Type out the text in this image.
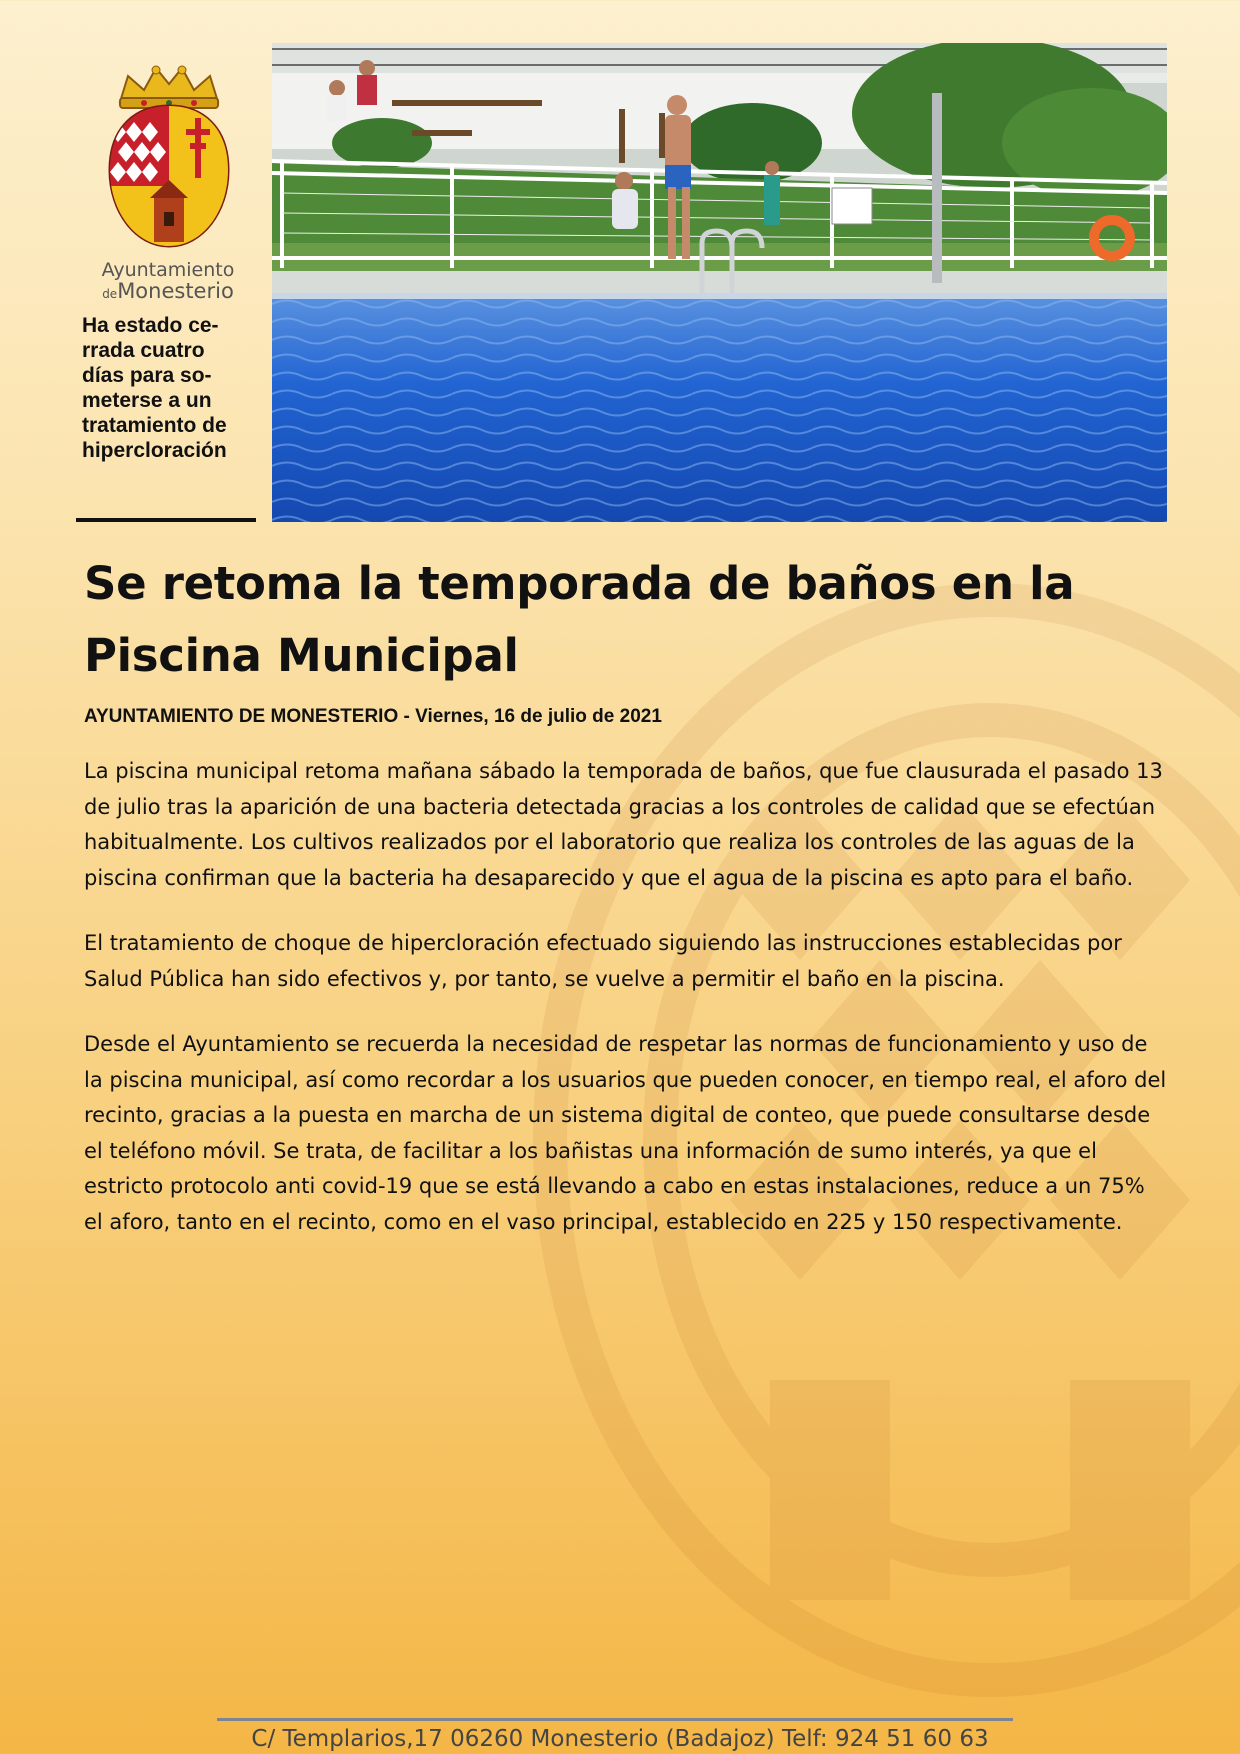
Ayuntamiento
deMonesterio

Ha estado ce-
rrada cuatro
días para so-
meterse a un
tratamiento de
hipercloración

Se retoma la temporada de baños en la Piscina Municipal

AYUNTAMIENTO DE MONESTERIO - Viernes, 16 de julio de 2021

La piscina municipal retoma mañana sábado la temporada de baños, que fue clausurada el pasado 13 de julio tras la aparición de una bacteria detectada gracias a los controles de calidad que se efectúan habitualmente. Los cultivos realizados por el laboratorio que realiza los controles de las aguas de la piscina confirman que la bacteria ha desaparecido y que el agua de la piscina es apto para el baño.

El tratamiento de choque de hipercloración efectuado siguiendo las instrucciones establecidas por Salud Pública han sido efectivos y, por tanto, se vuelve a permitir el baño en la piscina.

Desde el Ayuntamiento se recuerda la necesidad de respetar las normas de funcionamiento y uso de la piscina municipal, así como recordar a los usuarios que pueden conocer, en tiempo real, el aforo del recinto, gracias a la puesta en marcha de un sistema digital de conteo, que puede consultarse desde el teléfono móvil. Se trata, de facilitar a los bañistas una información de sumo interés, ya que el estricto protocolo anti covid-19 que se está llevando a cabo en estas instalaciones, reduce a un 75% el aforo, tanto en el recinto, como en el vaso principal, establecido en 225 y 150 respectivamente.

C/ Templarios,17 06260 Monesterio (Badajoz) Telf: 924 51 60 63
